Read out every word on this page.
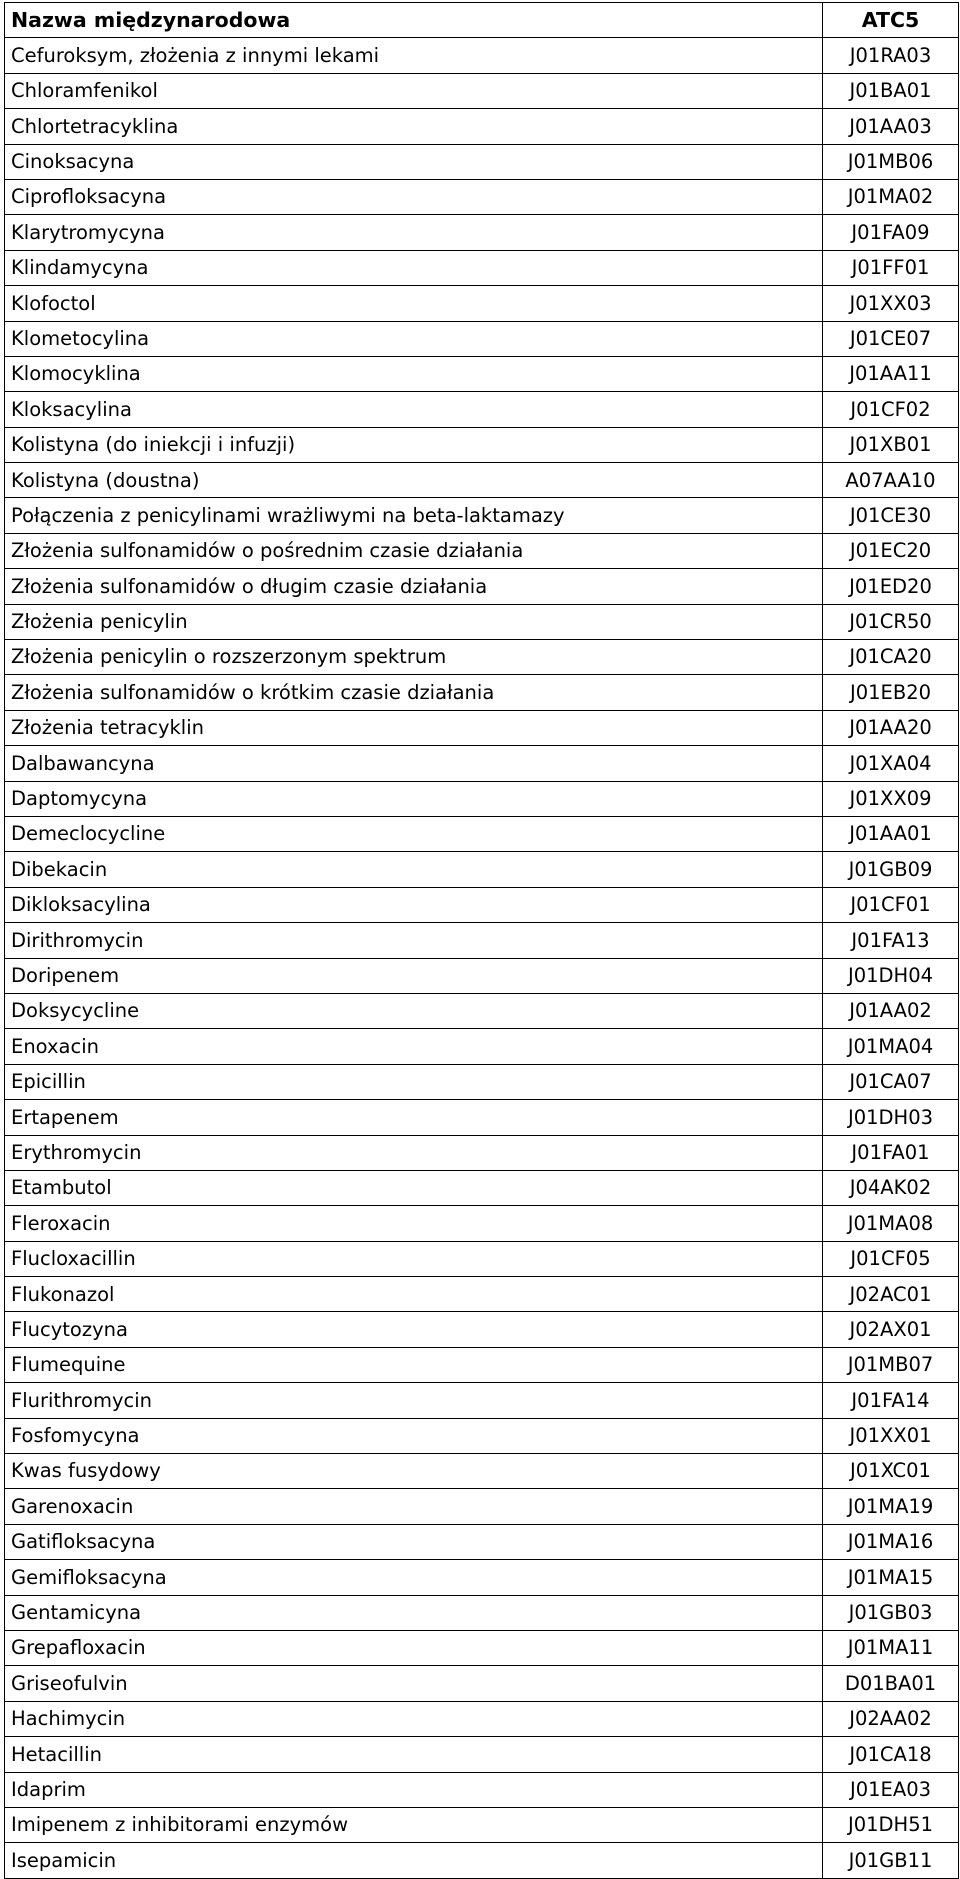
Nazwa międzynarodowa	ATC5
Cefuroksym, złożenia z innymi lekami	J01RA03
Chloramfenikol	J01BA01
Chlortetracyklina	J01AA03
Cinoksacyna	J01MB06
Ciprofloksacyna	J01MA02
Klarytromycyna	J01FA09
Klindamycyna	J01FF01
Klofoctol	J01XX03
Klometocylina	J01CE07
Klomocyklina	J01AA11
Kloksacylina	J01CF02
Kolistyna (do iniekcji i infuzji)	J01XB01
Kolistyna (doustna)	A07AA10
Połączenia z penicylinami wrażliwymi na beta-laktamazy	J01CE30
Złożenia sulfonamidów o pośrednim czasie działania	J01EC20
Złożenia sulfonamidów o długim czasie działania	J01ED20
Złożenia penicylin	J01CR50
Złożenia penicylin o rozszerzonym spektrum	J01CA20
Złożenia sulfonamidów o krótkim czasie działania	J01EB20
Złożenia tetracyklin	J01AA20
Dalbawancyna	J01XA04
Daptomycyna	J01XX09
Demeclocycline	J01AA01
Dibekacin	J01GB09
Dikloksacylina	J01CF01
Dirithromycin	J01FA13
Doripenem	J01DH04
Doksycycline	J01AA02
Enoxacin	J01MA04
Epicillin	J01CA07
Ertapenem	J01DH03
Erythromycin	J01FA01
Etambutol	J04AK02
Fleroxacin	J01MA08
Flucloxacillin	J01CF05
Flukonazol	J02AC01
Flucytozyna	J02AX01
Flumequine	J01MB07
Flurithromycin	J01FA14
Fosfomycyna	J01XX01
Kwas fusydowy	J01XC01
Garenoxacin	J01MA19
Gatifloksacyna	J01MA16
Gemifloksacyna	J01MA15
Gentamicyna	J01GB03
Grepafloxacin	J01MA11
Griseofulvin	D01BA01
Hachimycin	J02AA02
Hetacillin	J01CA18
Idaprim	J01EA03
Imipenem z inhibitorami enzymów	J01DH51
Isepamicin	J01GB11
